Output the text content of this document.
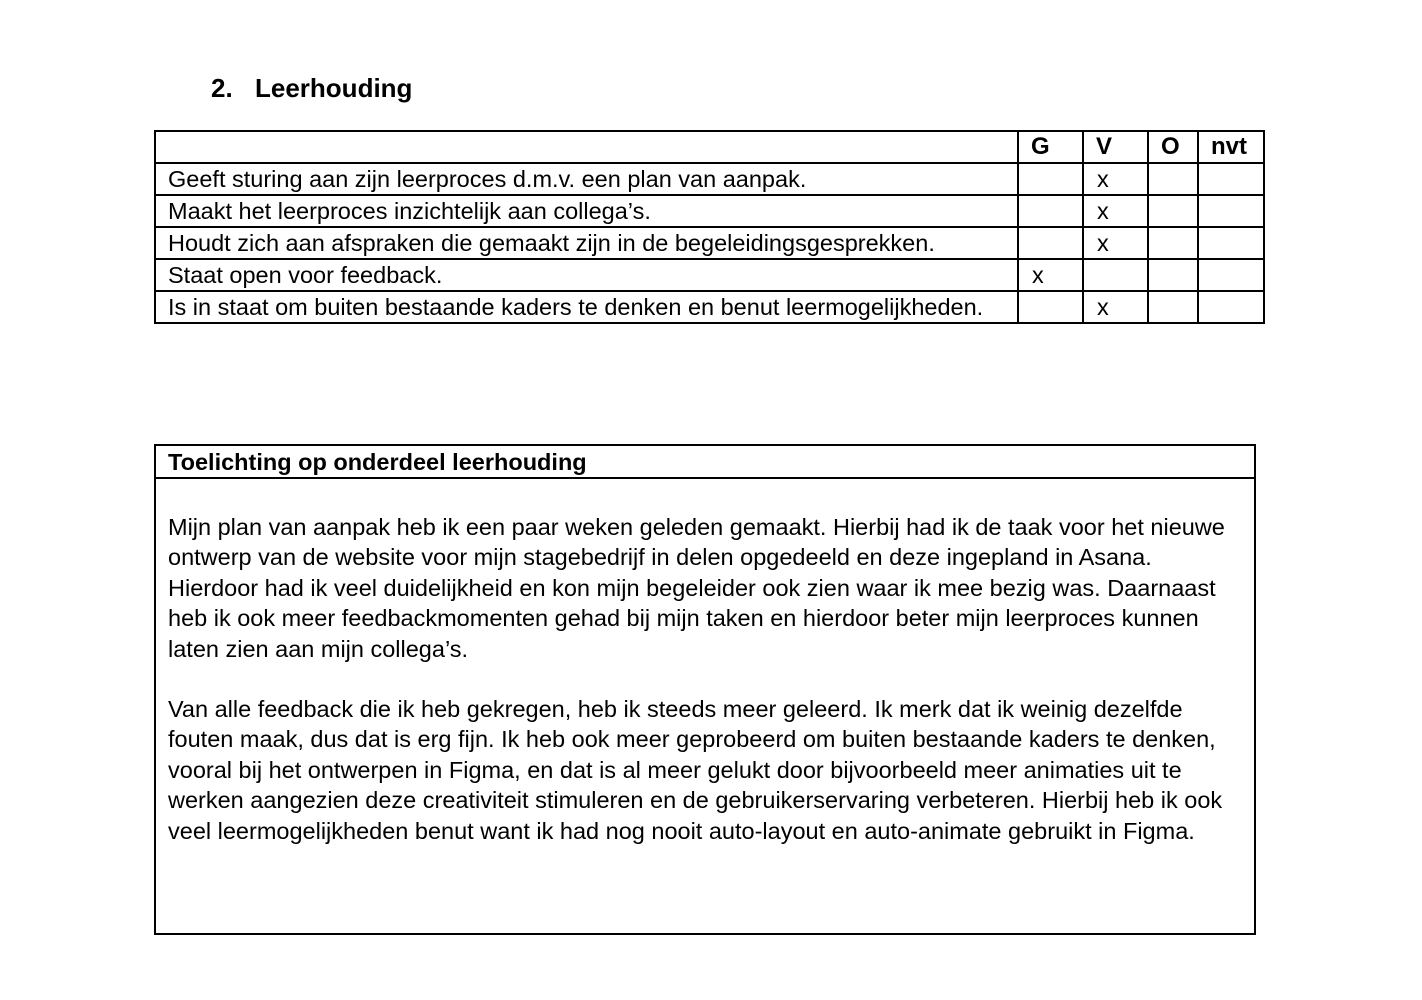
2. Leerhouding
	G	V	O	nvt
Geeft sturing aan zijn leerproces d.m.v. een plan van aanpak.		x		
Maakt het leerproces inzichtelijk aan collega’s.		x		
Houdt zich aan afspraken die gemaakt zijn in de begeleidingsgesprekken.		x		
Staat open voor feedback.	x			
Is in staat om buiten bestaande kaders te denken en benut leermogelijkheden.		x		
Toelichting op onderdeel leerhouding

Mijn plan van aanpak heb ik een paar weken geleden gemaakt. Hierbij had ik de taak voor het nieuwe ontwerp van de website voor mijn stagebedrijf in delen opgedeeld en deze ingepland in Asana. Hierdoor had ik veel duidelijkheid en kon mijn begeleider ook zien waar ik mee bezig was. Daarnaast heb ik ook meer feedbackmomenten gehad bij mijn taken en hierdoor beter mijn leerproces kunnen laten zien aan mijn collega’s.

Van alle feedback die ik heb gekregen, heb ik steeds meer geleerd. Ik merk dat ik weinig dezelfde fouten maak, dus dat is erg fijn. Ik heb ook meer geprobeerd om buiten bestaande kaders te denken, vooral bij het ontwerpen in Figma, en dat is al meer gelukt door bijvoorbeeld meer animaties uit te werken aangezien deze creativiteit stimuleren en de gebruikerservaring verbeteren. Hierbij heb ik ook veel leermogelijkheden benut want ik had nog nooit auto-layout en auto-animate gebruikt in Figma.
